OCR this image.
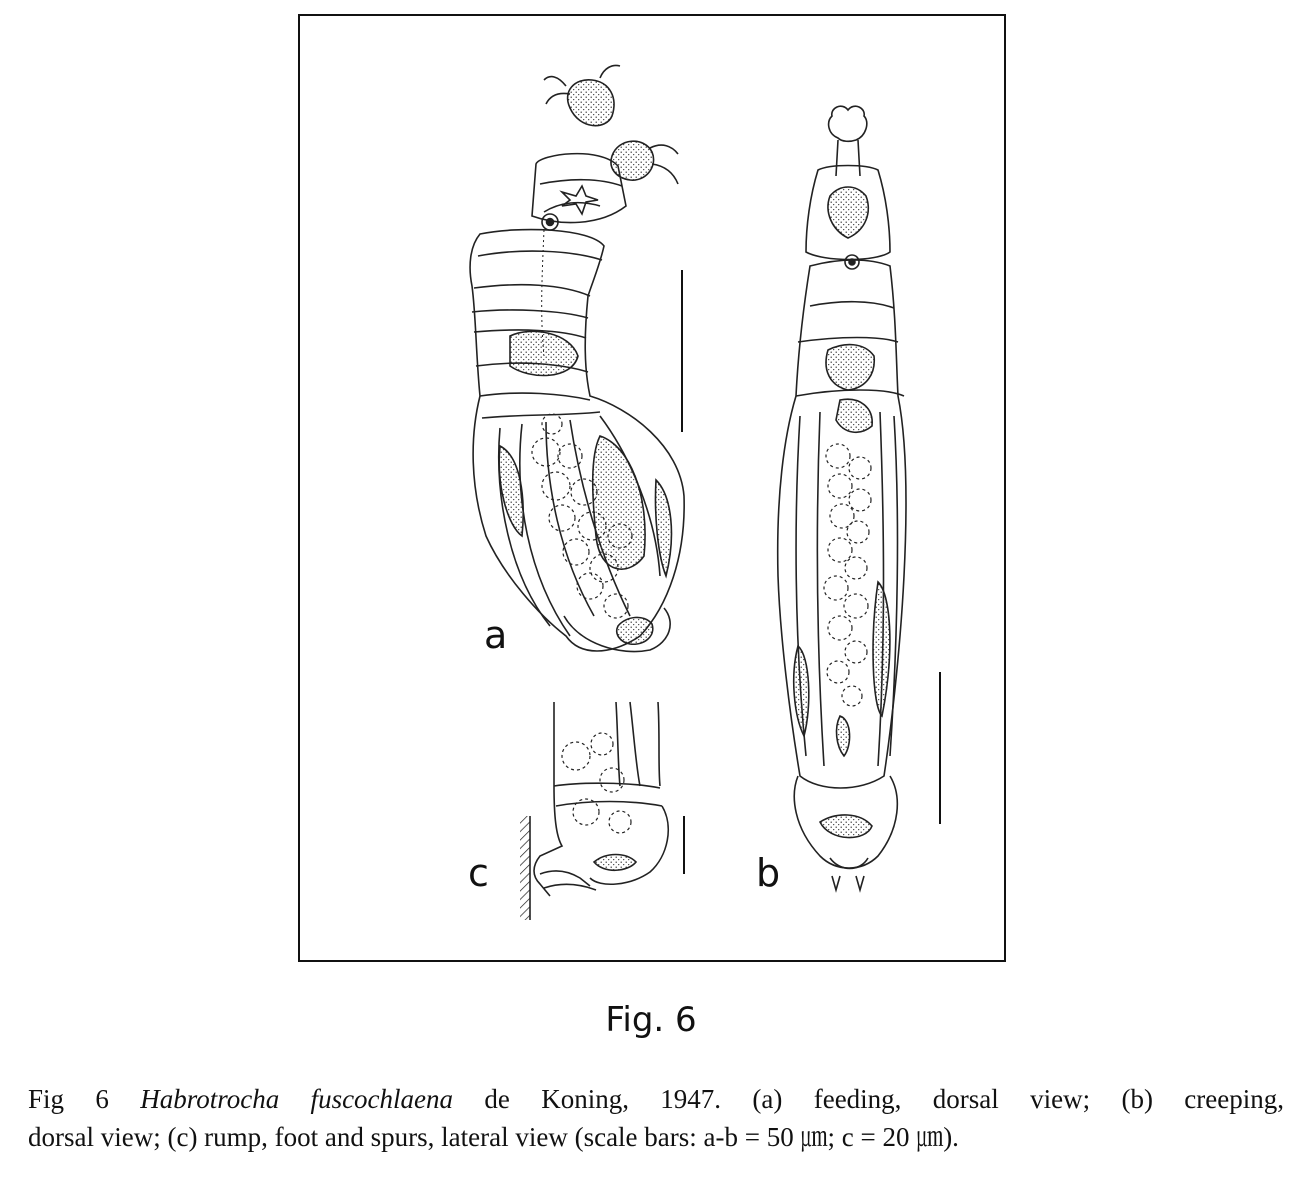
a
c	b
Fig. 6
Fig 6 Habrotrocha fuscochlaena de Koning, 1947. (a) feeding, dorsal view; (b) creeping,
dorsal view; (c) rump, foot and spurs, lateral view (scale bars: a-b = 50 ㎛; c = 20 ㎛).
